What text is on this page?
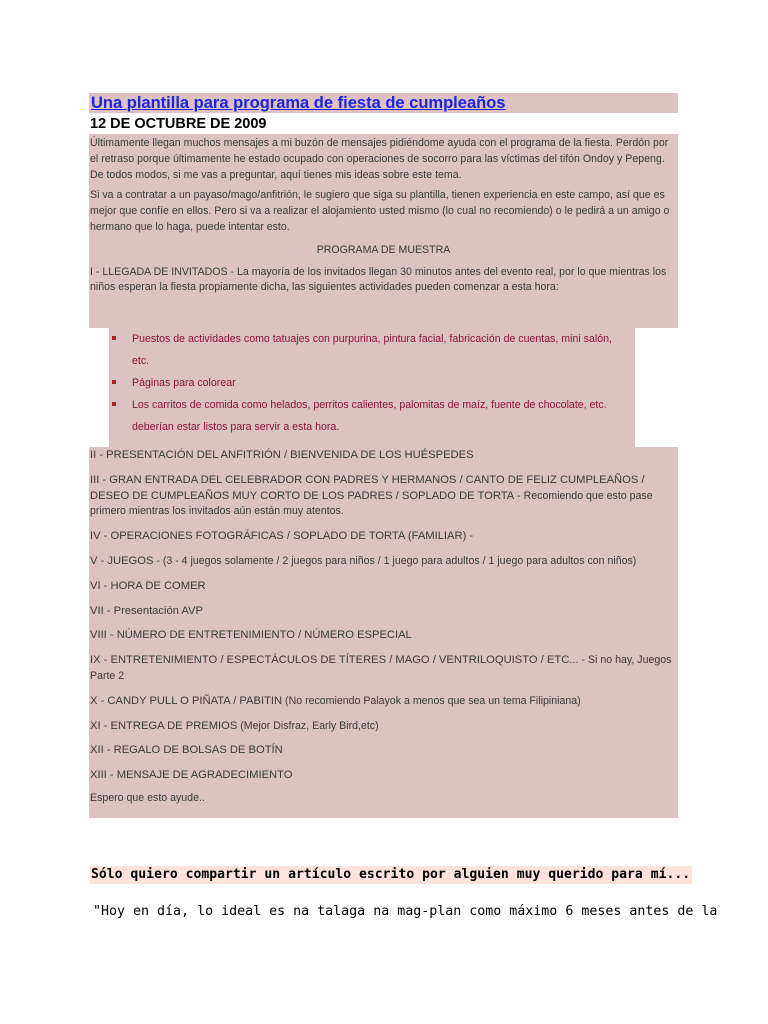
Una plantilla para programa de fiesta de cumpleaños
12 DE OCTUBRE DE 2009

Últimamente llegan muchos mensajes a mi buzón de mensajes pidiéndome ayuda con el programa de la fiesta. Perdón por el retraso porque últimamente he estado ocupado con operaciones de socorro para las víctimas del tifón Ondoy y Pepeng. De todos modos, si me vas a preguntar, aquí tienes mis ideas sobre este tema.

Si va a contratar a un payaso/mago/anfitrión, le sugiero que siga su plantilla, tienen experiencia en este campo, así que es mejor que confíe en ellos. Pero si va a realizar el alojamiento usted mismo (lo cual no recomiendo) o le pedirá a un amigo o hermano que lo haga, puede intentar esto.

PROGRAMA DE MUESTRA

I - LLEGADA DE INVITADOS - La mayoría de los invitados llegan 30 minutos antes del evento real, por lo que mientras los niños esperan la fiesta propiamente dicha, las siguientes actividades pueden comenzar a esta hora:

Puestos de actividades como tatuajes con purpurina, pintura facial, fabricación de cuentas, mini salón, etc.
Páginas para colorear
Los carritos de comida como helados, perritos calientes, palomitas de maíz, fuente de chocolate, etc. deberían estar listos para servir a esta hora.

II - PRESENTACIÓN DEL ANFITRIÓN / BIENVENIDA DE LOS HUÉSPEDES

III - GRAN ENTRADA DEL CELEBRADOR CON PADRES Y HERMANOS / CANTO DE FELIZ CUMPLEAÑOS / DESEO DE CUMPLEAÑOS MUY CORTO DE LOS PADRES / SOPLADO DE TORTA - Recomiendo que esto pase primero mientras los invitados aún están muy atentos.

IV - OPERACIONES FOTOGRÁFICAS / SOPLADO DE TORTA (FAMILIAR) -

V - JUEGOS - (3 - 4 juegos solamente / 2 juegos para niños / 1 juego para adultos / 1 juego para adultos con niños)

VI - HORA DE COMER

VII - Presentación AVP

VIII - NÚMERO DE ENTRETENIMIENTO / NÚMERO ESPECIAL

IX - ENTRETENIMIENTO / ESPECTÁCULOS DE TÍTERES / MAGO / VENTRILOQUISTO / ETC... - Si no hay, Juegos Parte 2

X - CANDY PULL O PIÑATA / PABITIN (No recomiendo Palayok a menos que sea un tema Filipiniana)

XI - ENTREGA DE PREMIOS (Mejor Disfraz, Early Bird,etc)

XII - REGALO DE BOLSAS DE BOTÍN

XIII - MENSAJE DE AGRADECIMIENTO

Espero que esto ayude..

Sólo quiero compartir un artículo escrito por alguien muy querido para mí...
"Hoy en día, lo ideal es na talaga na mag-plan como máximo 6 meses antes de la
